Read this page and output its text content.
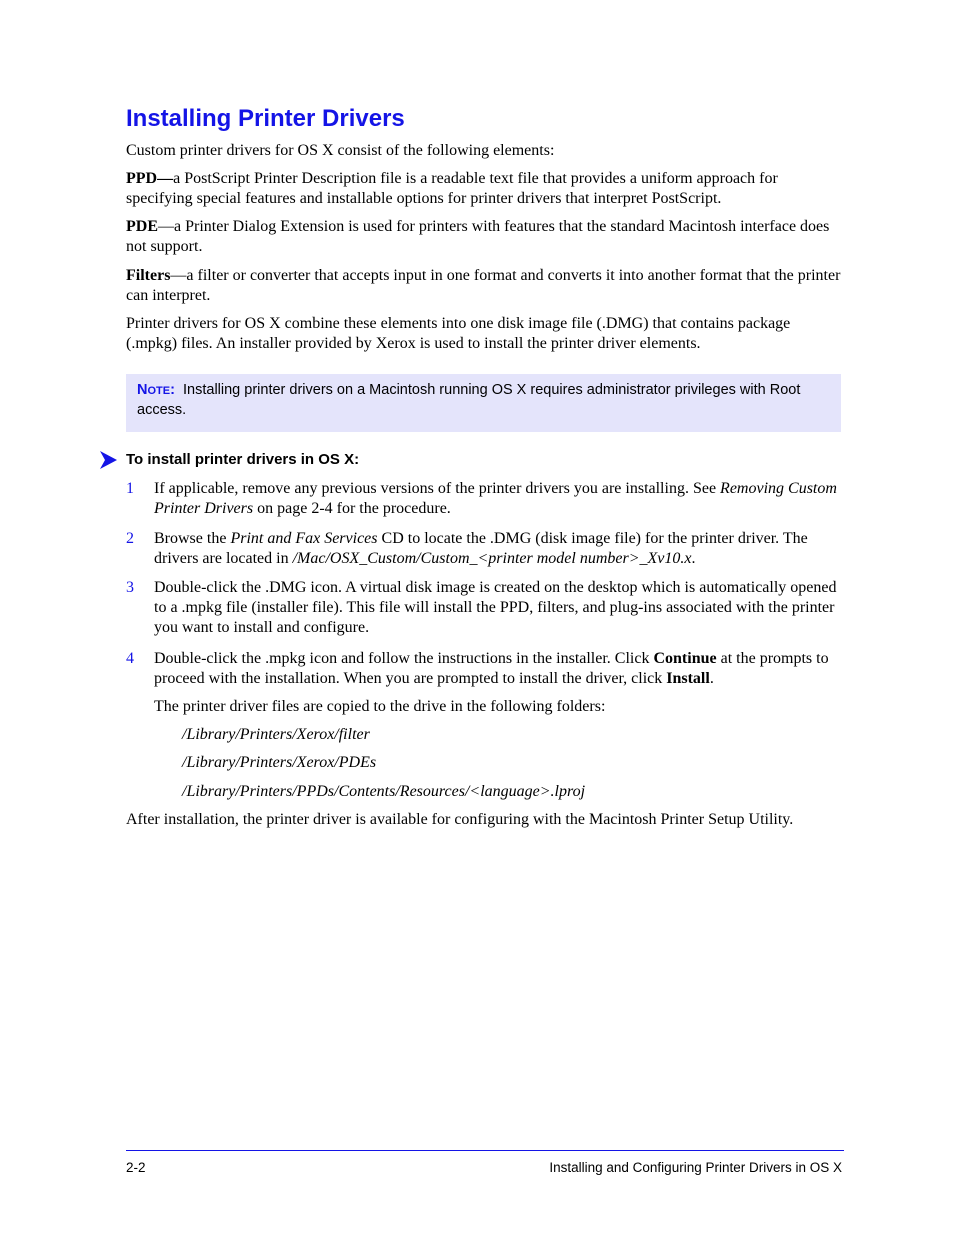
Installing Printer Drivers

Custom printer drivers for OS X consist of the following elements:

PPD—a PostScript Printer Description file is a readable text file that provides a uniform approach for specifying special features and installable options for printer drivers that interpret PostScript.

PDE—a Printer Dialog Extension is used for printers with features that the standard Macintosh interface does not support.

Filters—a filter or converter that accepts input in one format and converts it into another format that the printer can interpret.

Printer drivers for OS X combine these elements into one disk image file (.DMG) that contains package (.mpkg) files. An installer provided by Xerox is used to install the printer driver elements.

NOTE: Installing printer drivers on a Macintosh running OS X requires administrator privileges with Root access.
To install printer drivers in OS X:
1 If applicable, remove any previous versions of the printer drivers you are installing. See Removing Custom Printer Drivers on page 2-4 for the procedure.
2 Browse the Print and Fax Services CD to locate the .DMG (disk image file) for the printer driver. The drivers are located in /Mac/OSX_Custom/Custom_<printer model number>_Xv10.x.
3 Double-click the .DMG icon. A virtual disk image is created on the desktop which is automatically opened to a .mpkg file (installer file). This file will install the PPD, filters, and plug-ins associated with the printer you want to install and configure.
4 Double-click the .mpkg icon and follow the instructions in the installer. Click Continue at the prompts to proceed with the installation. When you are prompted to install the driver, click Install.

The printer driver files are copied to the drive in the following folders:

/Library/Printers/Xerox/filter
/Library/Printers/Xerox/PDEs
/Library/Printers/PPDs/Contents/Resources/<language>.lproj

After installation, the printer driver is available for configuring with the Macintosh Printer Setup Utility.

2-2	Installing and Configuring Printer Drivers in OS X
